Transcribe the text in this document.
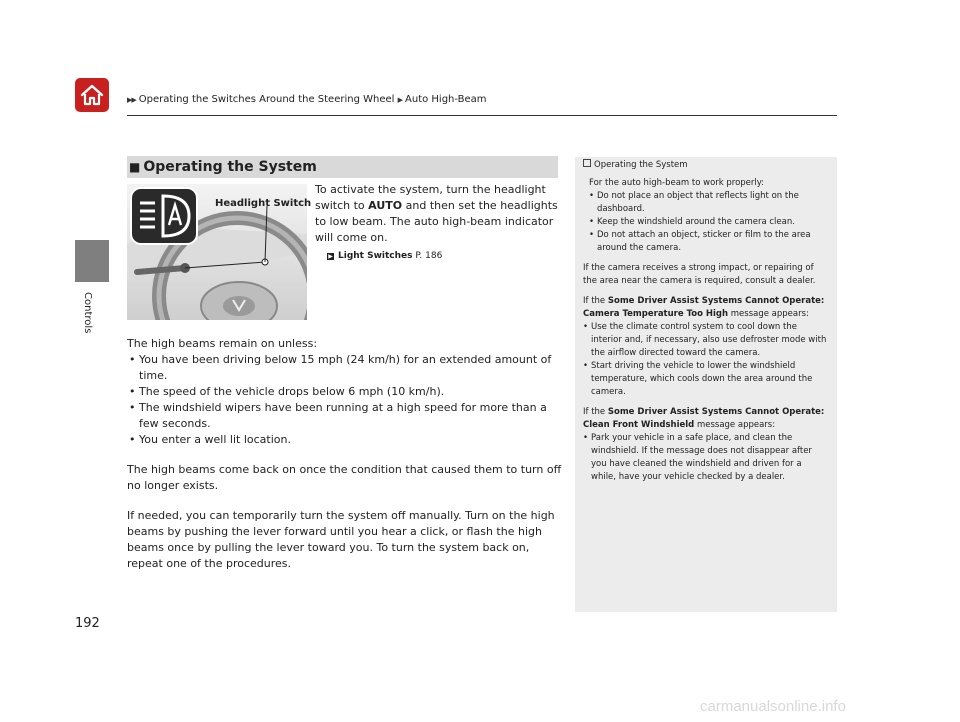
▶▶ Operating the Switches Around the Steering Wheel ▶ Auto High-Beam
Controls
■ Operating the System
Headlight Switch
To activate the system, turn the headlight switch to AUTO and then set the headlights to low beam. The auto high-beam indicator will come on.
▶ Light Switches P. 186

The high beams remain on unless:

• You have been driving below 15 mph (24 km/h) for an extended amount of time.
• The speed of the vehicle drops below 6 mph (10 km/h).
• The windshield wipers have been running at a high speed for more than a few seconds.
• You enter a well lit location.

The high beams come back on once the condition that caused them to turn off no longer exists.

If needed, you can temporarily turn the system off manually. Turn on the high beams by pushing the lever forward until you hear a click, or flash the high beams once by pulling the lever toward you. To turn the system back on, repeat one of the procedures.

Operating the System
For the auto high-beam to work properly:
• Do not place an object that reflects light on the dashboard.
• Keep the windshield around the camera clean.
• Do not attach an object, sticker or film to the area around the camera.
If the camera receives a strong impact, or repairing of the area near the camera is required, consult a dealer.
If the Some Driver Assist Systems Cannot Operate: Camera Temperature Too High message appears:
• Use the climate control system to cool down the interior and, if necessary, also use defroster mode with the airflow directed toward the camera.
• Start driving the vehicle to lower the windshield temperature, which cools down the area around the camera.
If the Some Driver Assist Systems Cannot Operate: Clean Front Windshield message appears:
• Park your vehicle in a safe place, and clean the windshield. If the message does not disappear after you have cleaned the windshield and driven for a while, have your vehicle checked by a dealer.
192
carmanualsonline.info
